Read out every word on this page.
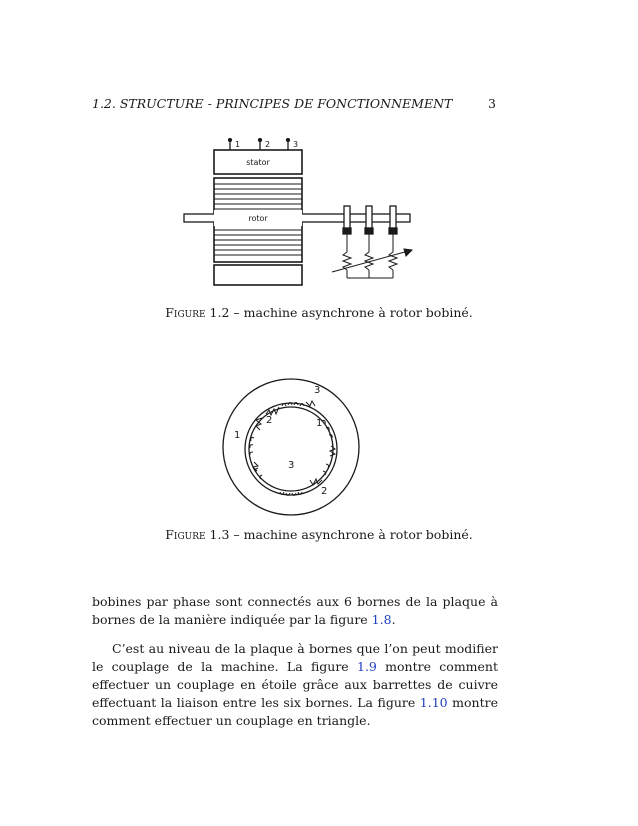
1.2. STRUCTURE - PRINCIPES DE FONCTIONNEMENT	3
stator
rotor
1	2	3
Figure 1.2 – machine asynchrone à rotor bobiné.
3
2	1
1
3
2
Figure 1.3 – machine asynchrone à rotor bobiné.
bobines par phase sont connectés aux 6 bornes de la plaque à bornes de la manière indiquée par la figure 1.8.
C’est au niveau de la plaque à bornes que l’on peut modifier le couplage de la machine. La figure 1.9 montre comment effectuer un couplage en étoile grâce aux barrettes de cuivre effectuant la liaison entre les six bornes. La figure 1.10 montre comment effectuer un couplage en triangle.
